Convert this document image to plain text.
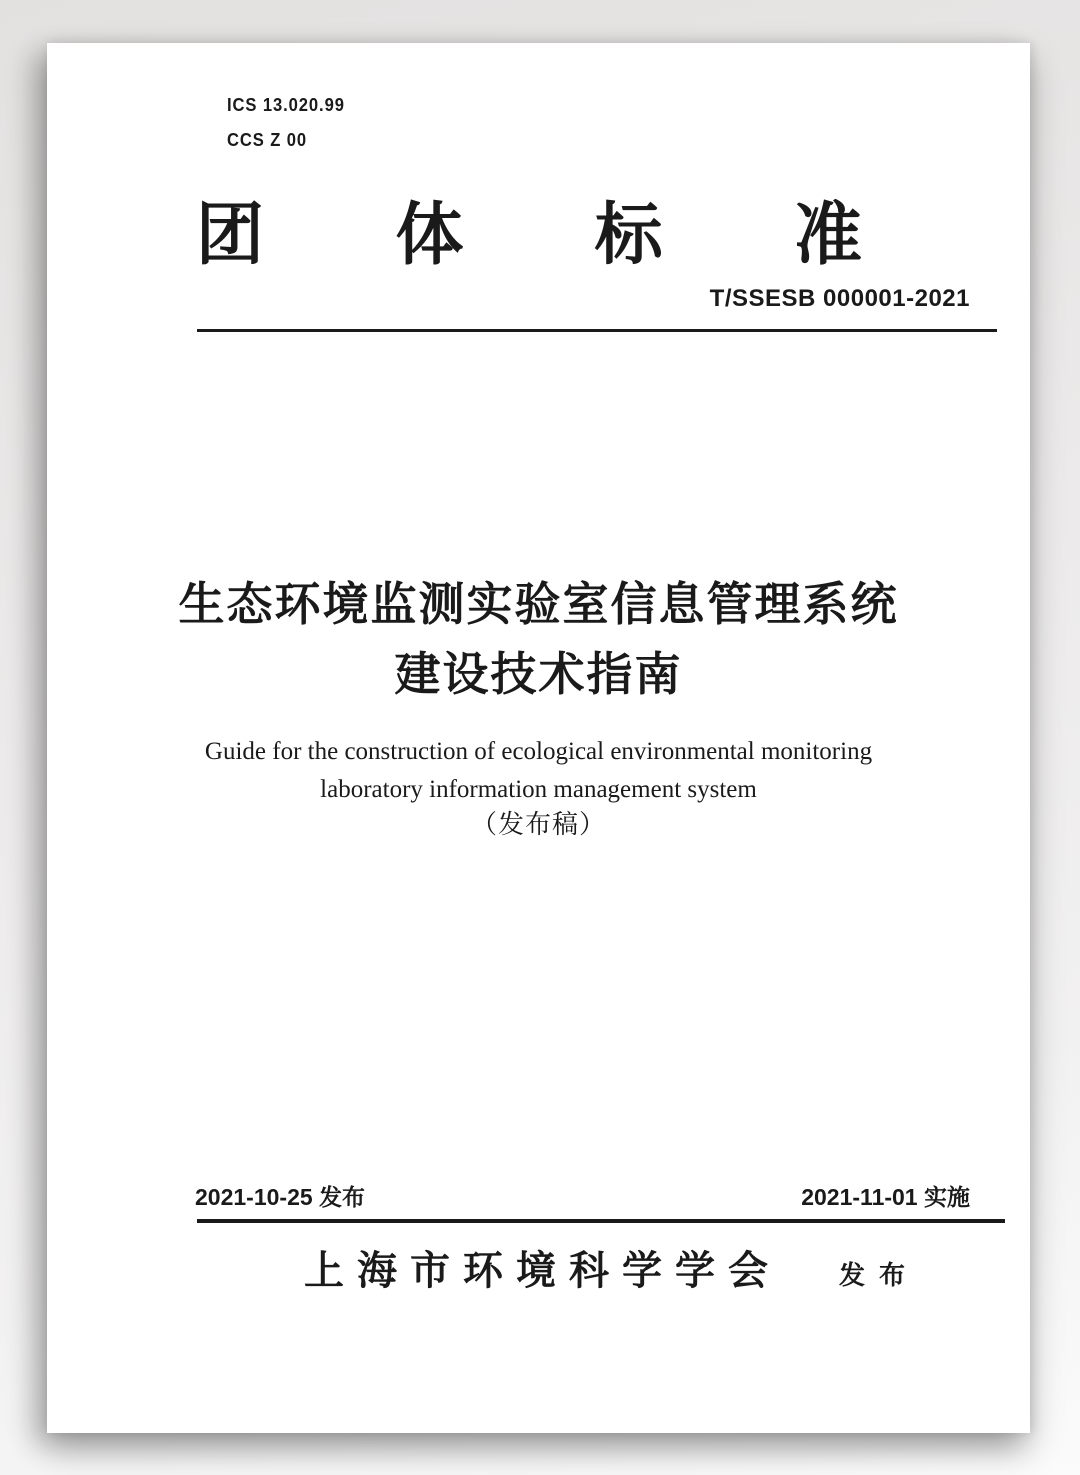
ICS 13.020.99
CCS Z 00
团 体 标 准
T/SSESB 000001-2021
生态环境监测实验室信息管理系统
建设技术指南
Guide for the construction of ecological environmental monitoring
laboratory information management system
（发布稿）
2021-10-25 发布	2021-11-01 实施
上海市环境科学学会 发布
